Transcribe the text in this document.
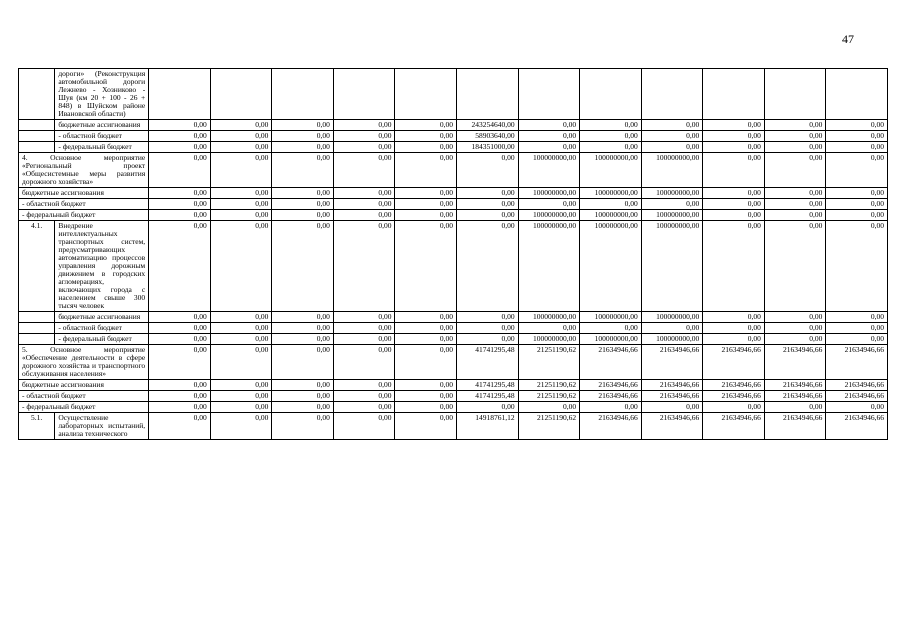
47
	дороги» (Реконструкция автомобильной дороги Лежнево - Хозниково - Шуя (км 20 + 100 - 26 + 848) в Шуйском районе Ивановской области)												
	бюджетные ассигнования	0,00	0,00	0,00	0,00	0,00	243254640,00	0,00	0,00	0,00	0,00	0,00	0,00
	- областной бюджет	0,00	0,00	0,00	0,00	0,00	58903640,00	0,00	0,00	0,00	0,00	0,00	0,00
	- федеральный бюджет	0,00	0,00	0,00	0,00	0,00	184351000,00	0,00	0,00	0,00	0,00	0,00	0,00
4. Основное мероприятие «Региональный проект «Общесистемные меры развития дорожного хозяйства»		0,00	0,00	0,00	0,00	0,00	0,00	100000000,00	100000000,00	100000000,00	0,00	0,00	0,00
бюджетные ассигнования		0,00	0,00	0,00	0,00	0,00	0,00	100000000,00	100000000,00	100000000,00	0,00	0,00	0,00
- областной бюджет		0,00	0,00	0,00	0,00	0,00	0,00	0,00	0,00	0,00	0,00	0,00	0,00
- федеральный бюджет		0,00	0,00	0,00	0,00	0,00	0,00	100000000,00	100000000,00	100000000,00	0,00	0,00	0,00
4.1.	Внедрение интеллектуальных транспортных систем, предусматривающих автоматизацию процессов управления дорожным движением в городских агломерациях, включающих города с населением свыше 300 тысяч человек	0,00	0,00	0,00	0,00	0,00	0,00	100000000,00	100000000,00	100000000,00	0,00	0,00	0,00
	бюджетные ассигнования	0,00	0,00	0,00	0,00	0,00	0,00	100000000,00	100000000,00	100000000,00	0,00	0,00	0,00
	- областной бюджет	0,00	0,00	0,00	0,00	0,00	0,00	0,00	0,00	0,00	0,00	0,00	0,00
	- федеральный бюджет	0,00	0,00	0,00	0,00	0,00	0,00	100000000,00	100000000,00	100000000,00	0,00	0,00	0,00
5. Основное мероприятие «Обеспечение деятельности в сфере дорожного хозяйства и транспортного обслуживания населения»		0,00	0,00	0,00	0,00	0,00	41741295,48	21251190,62	21634946,66	21634946,66	21634946,66	21634946,66	21634946,66
бюджетные ассигнования		0,00	0,00	0,00	0,00	0,00	41741295,48	21251190,62	21634946,66	21634946,66	21634946,66	21634946,66	21634946,66
- областной бюджет		0,00	0,00	0,00	0,00	0,00	41741295,48	21251190,62	21634946,66	21634946,66	21634946,66	21634946,66	21634946,66
- федеральный бюджет		0,00	0,00	0,00	0,00	0,00	0,00	0,00	0,00	0,00	0,00	0,00	0,00
5.1.	Осуществление лабораторных испытаний, анализа технического	0,00	0,00	0,00	0,00	0,00	14918761,12	21251190,62	21634946,66	21634946,66	21634946,66	21634946,66	21634946,66
